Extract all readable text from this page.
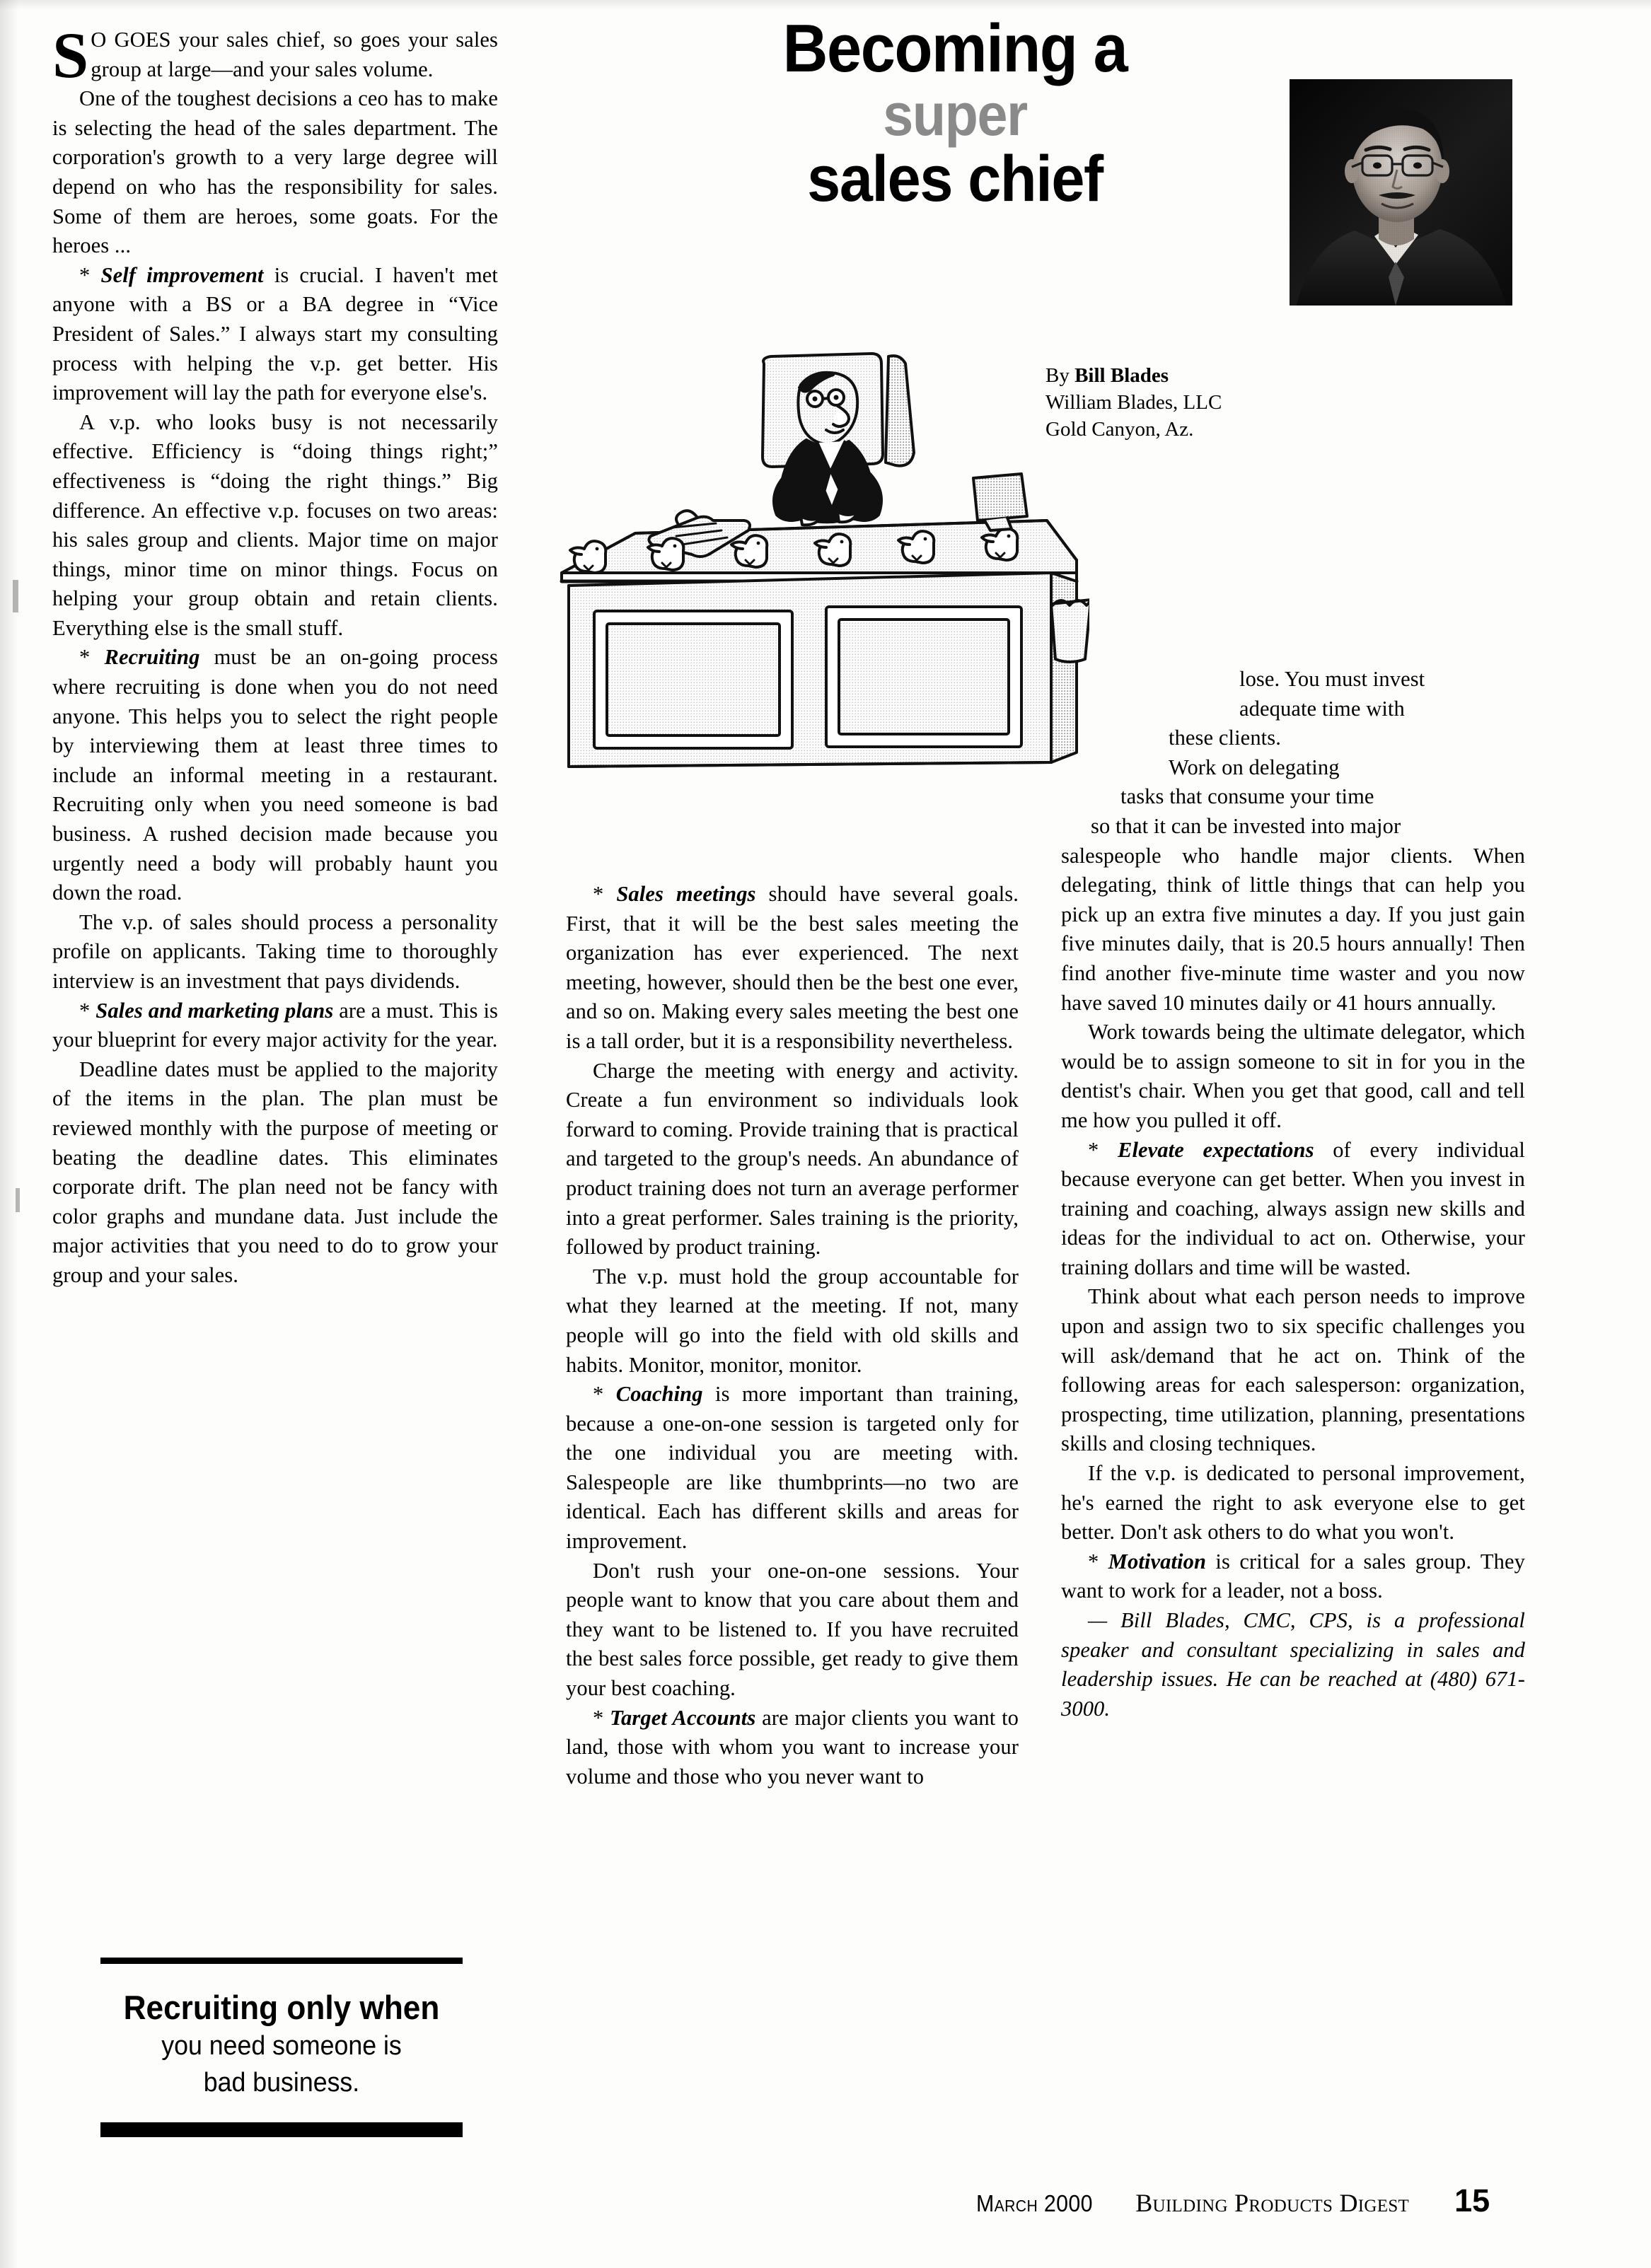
Becoming a
super
sales chief
By Bill Blades
William Blades, LLC
Gold Canyon, Az.

S O GOES your sales chief, so goes your sales group at large—and your sales volume.

One of the toughest decisions a ceo has to make is selecting the head of the sales department. The corporation's growth to a very large degree will depend on who has the responsibility for sales. Some of them are heroes, some goats. For the heroes ...

* Self improvement is crucial. I haven't met anyone with a BS or a BA degree in “Vice President of Sales.” I always start my consulting process with helping the v.p. get better. His improvement will lay the path for everyone else's.

A v.p. who looks busy is not necessarily effective. Efficiency is “doing things right;” effectiveness is “doing the right things.” Big difference. An effective v.p. focuses on two areas: his sales group and clients. Major time on major things, minor time on minor things. Focus on helping your group obtain and retain clients. Everything else is the small stuff.

* Recruiting must be an on-going process where recruiting is done when you do not need anyone. This helps you to select the right people by interviewing them at least three times to include an informal meeting in a restaurant. Recruiting only when you need someone is bad business. A rushed decision made because you urgently need a body will probably haunt you down the road.

The v.p. of sales should process a personality profile on applicants. Taking time to thoroughly interview is an investment that pays dividends.

* Sales and marketing plans are a must. This is your blueprint for every major activity for the year.

Deadline dates must be applied to the majority of the items in the plan. The plan must be reviewed monthly with the purpose of meeting or beating the deadline dates. This eliminates corporate drift. The plan need not be fancy with color graphs and mundane data. Just include the major activities that you need to do to grow your group and your sales.

Recruiting only when
you need someone is
bad business.

* Sales meetings should have several goals. First, that it will be the best sales meeting the organization has ever experienced. The next meeting, however, should then be the best one ever, and so on. Making every sales meeting the best one is a tall order, but it is a responsibility nevertheless.

Charge the meeting with energy and activity. Create a fun environment so individuals look forward to coming. Provide training that is practical and targeted to the group's needs. An abundance of product training does not turn an average performer into a great performer. Sales training is the priority, followed by product training.

The v.p. must hold the group accountable for what they learned at the meeting. If not, many people will go into the field with old skills and habits. Monitor, monitor, monitor.

* Coaching is more important than training, because a one-on-one session is targeted only for the one individual you are meeting with. Salespeople are like thumbprints—no two are identical. Each has different skills and areas for improvement.

Don't rush your one-on-one sessions. Your people want to know that you care about them and they want to be listened to. If you have recruited the best sales force possible, get ready to give them your best coaching.

* Target Accounts are major clients you want to land, those with whom you want to increase your volume and those who you never want to

lose. You must invest

adequate time with

these clients.

Work on delegating

tasks that consume your time

so that it can be invested into major

salespeople who handle major clients. When delegating, think of little things that can help you pick up an extra five minutes a day. If you just gain five minutes daily, that is 20.5 hours annually! Then find another five-minute time waster and you now have saved 10 minutes daily or 41 hours annually.

Work towards being the ultimate delegator, which would be to assign someone to sit in for you in the dentist's chair. When you get that good, call and tell me how you pulled it off.

* Elevate expectations of every individual because everyone can get better. When you invest in training and coaching, always assign new skills and ideas for the individual to act on. Otherwise, your training dollars and time will be wasted.

Think about what each person needs to improve upon and assign two to six specific challenges you will ask/demand that he act on. Think of the following areas for each salesperson: organization, prospecting, time utilization, planning, presentations skills and closing techniques.

If the v.p. is dedicated to personal improvement, he's earned the right to ask everyone else to get better. Don't ask others to do what you won't.

* Motivation is critical for a sales group. They want to work for a leader, not a boss.

— Bill Blades, CMC, CPS, is a professional speaker and consultant specializing in sales and leadership issues. He can be reached at (480) 671-3000.

March 2000 Building Products Digest 15
